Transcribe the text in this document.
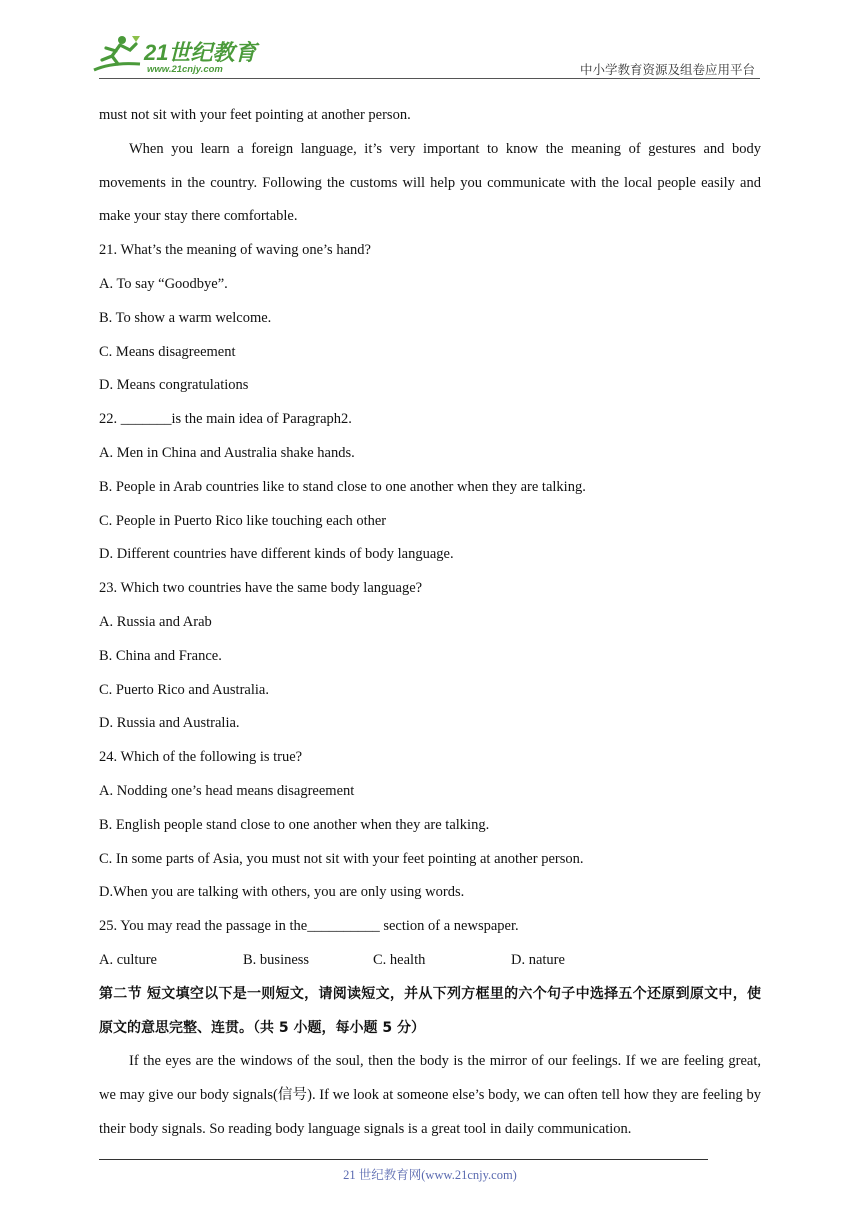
21世纪教育
www.21cnjy.com	中小学教育资源及组卷应用平台

must not sit with your feet pointing at another person.

When you learn a foreign language, it’s very important to know the meaning of gestures and body movements in the country. Following the customs will help you communicate with the local people easily and make your stay there comfortable.

21. What’s the meaning of waving one’s hand?

A. To say “Goodbye”.

B. To show a warm welcome.

C. Means disagreement

D. Means congratulations

22. _______is the main idea of Paragraph2.

A. Men in China and Australia shake hands.

B. People in Arab countries like to stand close to one another when they are talking.

C. People in Puerto Rico like touching each other

D. Different countries have different kinds of body language.

23. Which two countries have the same body language?

A. Russia and Arab

B. China and France.

C. Puerto Rico and Australia.

D. Russia and Australia.

24. Which of the following is true?

A. Nodding one’s head means disagreement

B. English people stand close to one another when they are talking.

C. In some parts of Asia, you must not sit with your feet pointing at another person.

D.When you are talking with others, you are only using words.

25. You may read the passage in the__________ section of a newspaper.

A. culture	B. business	C. health	D. nature

第二节 短文填空以下是一则短文，请阅读短文，并从下列方框里的六个句子中选择五个还原到原文中，使原文的意思完整、连贯。（共 5 小题，每小题 5 分）

If the eyes are the windows of the soul, then the body is the mirror of our feelings. If we are feeling great, we may give our body signals(信号). If we look at someone else’s body, we can often tell how they are feeling by their body signals. So reading body language signals is a great tool in daily communication.

21 世纪教育网(www.21cnjy.com)
